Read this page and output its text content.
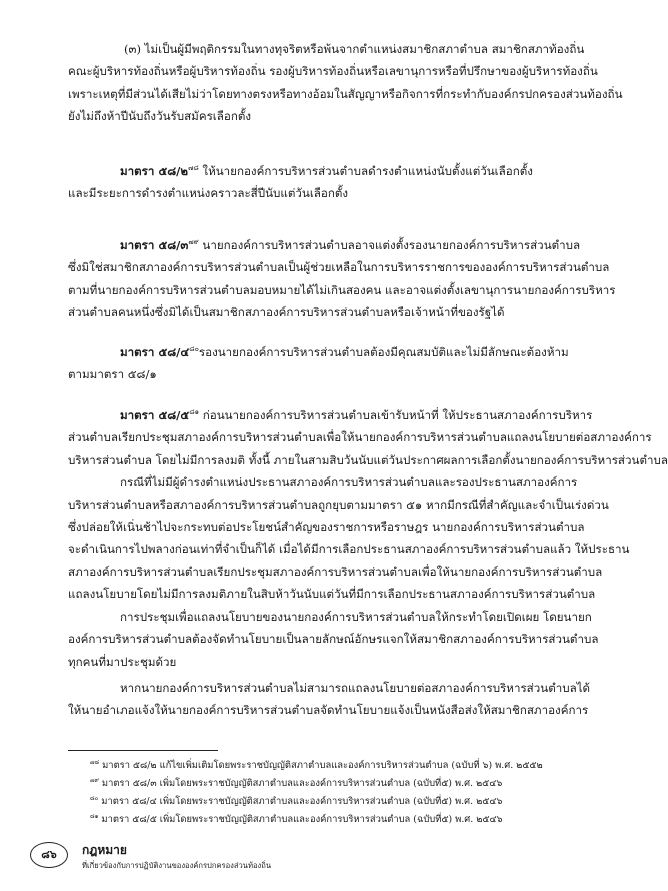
(๓) ไม่เป็นผู้มีพฤติกรรมในทางทุจริตหรือพ้นจากตำแหน่งสมาชิกสภาตำบล สมาชิกสภาท้องถิ่น
คณะผู้บริหารท้องถิ่นหรือผู้บริหารท้องถิ่น รองผู้บริหารท้องถิ่นหรือเลขานุการหรือที่ปรึกษาของผู้บริหารท้องถิ่น
เพราะเหตุที่มีส่วนได้เสียไม่ว่าโดยทางตรงหรือทางอ้อมในสัญญาหรือกิจการที่กระทำกับองค์กรปกครองส่วนท้องถิ่น
ยังไม่ถึงห้าปีนับถึงวันรับสมัครเลือกตั้ง
มาตรา ๕๘/๒$^{๗๘}$ ให้นายกองค์การบริหารส่วนตำบลดำรงตำแหน่งนับตั้งแต่วันเลือกตั้ง
และมีระยะการดำรงตำแหน่งคราวละสี่ปีนับแต่วันเลือกตั้ง
มาตรา ๕๘/๓$^{๗๙}$ นายกองค์การบริหารส่วนตำบลอาจแต่งตั้งรองนายกองค์การบริหารส่วนตำบล
ซึ่งมิใช่สมาชิกสภาองค์การบริหารส่วนตำบลเป็นผู้ช่วยเหลือในการบริหารราชการขององค์การบริหารส่วนตำบล
ตามที่นายกองค์การบริหารส่วนตำบลมอบหมายได้ไม่เกินสองคน และอาจแต่งตั้งเลขานุการนายกองค์การบริหาร
ส่วนตำบลคนหนึ่งซึ่งมิได้เป็นสมาชิกสภาองค์การบริหารส่วนตำบลหรือเจ้าหน้าที่ของรัฐได้
มาตรา ๕๘/๔$^{๘๐}$รองนายกองค์การบริหารส่วนตำบลต้องมีคุณสมบัติและไม่มีลักษณะต้องห้าม
ตามมาตรา ๕๘/๑
มาตรา ๕๘/๕$^{๘๑}$ ก่อนนายกองค์การบริหารส่วนตำบลเข้ารับหน้าที่ ให้ประธานสภาองค์การบริหาร
ส่วนตำบลเรียกประชุมสภาองค์การบริหารส่วนตำบลเพื่อให้นายกองค์การบริหารส่วนตำบลแถลงนโยบายต่อสภาองค์การ
บริหารส่วนตำบล โดยไม่มีการลงมติ ทั้งนี้ ภายในสามสิบวันนับแต่วันประกาศผลการเลือกตั้งนายกองค์การบริหารส่วนตำบล
กรณีที่ไม่มีผู้ดำรงตำแหน่งประธานสภาองค์การบริหารส่วนตำบลและรองประธานสภาองค์การ
บริหารส่วนตำบลหรือสภาองค์การบริหารส่วนตำบลถูกยุบตามมาตรา ๕๑ หากมีกรณีที่สำคัญและจำเป็นเร่งด่วน
ซึ่งปล่อยให้เนิ่นช้าไปจะกระทบต่อประโยชน์สำคัญของราชการหรือราษฎร นายกองค์การบริหารส่วนตำบล
จะดำเนินการไปพลางก่อนเท่าที่จำเป็นก็ได้ เมื่อได้มีการเลือกประธานสภาองค์การบริหารส่วนตำบลแล้ว ให้ประธาน
สภาองค์การบริหารส่วนตำบลเรียกประชุมสภาองค์การบริหารส่วนตำบลเพื่อให้นายกองค์การบริหารส่วนตำบล
แถลงนโยบายโดยไม่มีการลงมติภายในสิบห้าวันนับแต่วันที่มีการเลือกประธานสภาองค์การบริหารส่วนตำบล
การประชุมเพื่อแถลงนโยบายของนายกองค์การบริหารส่วนตำบลให้กระทำโดยเปิดเผย โดยนายก
องค์การบริหารส่วนตำบลต้องจัดทำนโยบายเป็นลายลักษณ์อักษรแจกให้สมาชิกสภาองค์การบริหารส่วนตำบล
ทุกคนที่มาประชุมด้วย
หากนายกองค์การบริหารส่วนตำบลไม่สามารถแถลงนโยบายต่อสภาองค์การบริหารส่วนตำบลได้
ให้นายอำเภอแจ้งให้นายกองค์การบริหารส่วนตำบลจัดทำนโยบายแจ้งเป็นหนังสือส่งให้สมาชิกสภาองค์การ
$^{๗๘}$ มาตรา ๕๘/๒ แก้ไขเพิ่มเติมโดยพระราชบัญญัติสภาตำบลและองค์การบริหารส่วนตำบล (ฉบับที่ ๖) พ.ศ. ๒๕๕๒
$^{๗๙}$ มาตรา ๕๘/๓ เพิ่มโดยพระราชบัญญัติสภาตำบลและองค์การบริหารส่วนตำบล (ฉบับที่๕) พ.ศ. ๒๕๔๖
$^{๘๐}$ มาตรา ๕๘/๔ เพิ่มโดยพระราชบัญญัติสภาตำบลและองค์การบริหารส่วนตำบล (ฉบับที่๕) พ.ศ. ๒๕๔๖
$^{๘๑}$ มาตรา ๕๘/๕ เพิ่มโดยพระราชบัญญัติสภาตำบลและองค์การบริหารส่วนตำบล (ฉบับที่๕) พ.ศ. ๒๕๔๖
๘๖	กฎหมาย
ที่เกี่ยวข้องกับการปฏิบัติงานขององค์กรปกครองส่วนท้องถิ่น
